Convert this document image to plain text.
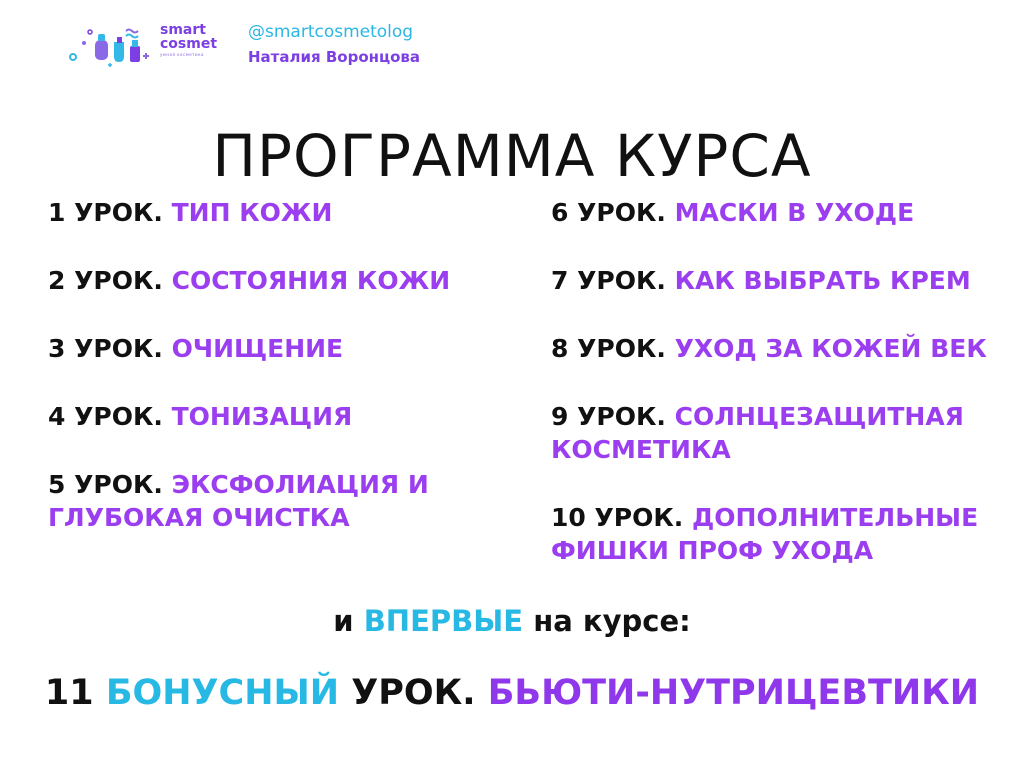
smart
cosmet
умная косметика
@smartcosmetolog
Наталия Воронцова
ПРОГРАММА КУРСА
1 УРОК. ТИП КОЖИ
2 УРОК. СОСТОЯНИЯ КОЖИ
3 УРОК. ОЧИЩЕНИЕ
4 УРОК. ТОНИЗАЦИЯ
5 УРОК. ЭКСФОЛИАЦИЯ И ГЛУБОКАЯ ОЧИСТКА
6 УРОК. МАСКИ В УХОДЕ
7 УРОК. КАК ВЫБРАТЬ КРЕМ
8 УРОК. УХОД ЗА КОЖЕЙ ВЕК
9 УРОК. СОЛНЦЕЗАЩИТНАЯ КОСМЕТИКА
10 УРОК. ДОПОЛНИТЕЛЬНЫЕ ФИШКИ ПРОФ УХОДА
и ВПЕРВЫЕ на курсе:
11 БОНУСНЫЙ УРОК. БЬЮТИ-НУТРИЦЕВТИКИ
